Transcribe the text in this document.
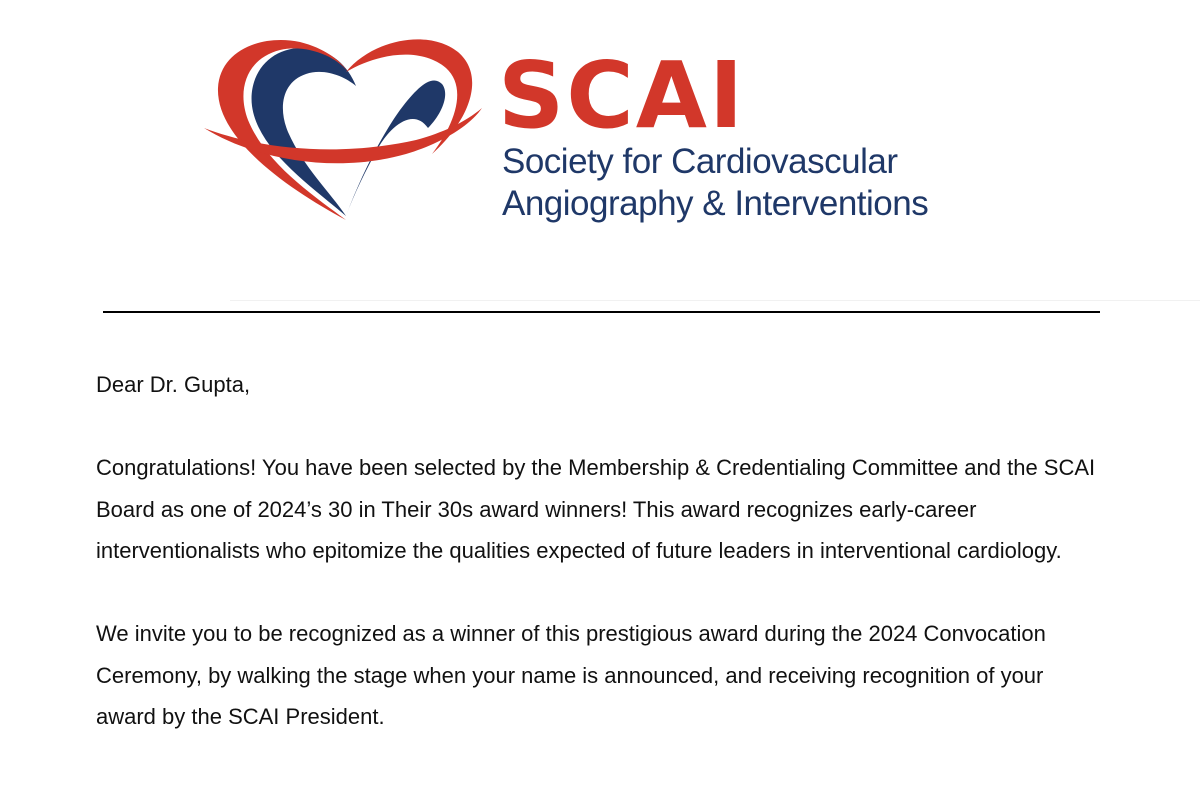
SCAI
Society for Cardiovascular
Angiography & Interventions

Dear Dr. Gupta,

Congratulations! You have been selected by the Membership & Credentialing Committee and the SCAI Board as one of 2024’s 30 in Their 30s award winners! This award recognizes early-career interventionalists who epitomize the qualities expected of future leaders in interventional cardiology.

We invite you to be recognized as a winner of this prestigious award during the 2024 Convocation Ceremony, by walking the stage when your name is announced, and receiving recognition of your award by the SCAI President.
